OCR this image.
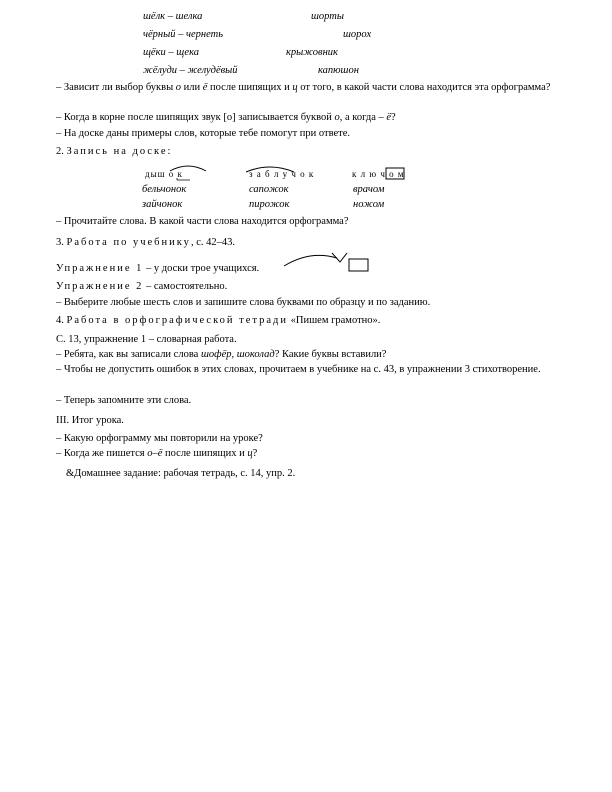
шёлк – шелка	шорты
чёрный – чернеть	шорох
щёки – щека	крыжовник
жёлуди – желудёвый	капюшон

– Зависит ли выбор буквы о или ё после шипящих и ц от того, в какой части слова находится эта орфограмма?

– Когда в корне после шипящих звук [о] записывается буквой о, а когда – ё?

– На доске даны примеры слов, которые тебе помогут при ответе.

2. Запись на доске:

дыш о к	з а б л у ч о к	к л ю ч о м
бельчонок	сапожок	врачом
зайчонок	пирожок	ножом

– Прочитайте слова. В какой части слова находится орфограмма?

3. Работа по учебнику, с. 42–43.

Упражнение 1 – у доски трое учащихся.

Упражнение 2 – самостоятельно.

– Выберите любые шесть слов и запишите слова буквами по образцу и по заданию.

4. Работа в орфографической тетради «Пишем грамотно».

С. 13, упражнение 1 – словарная работа.

– Ребята, как вы записали слова шофёр, шоколад? Какие буквы вставили?

– Чтобы не допустить ошибок в этих словах, прочитаем в учебнике на с. 43, в упражнении 3 стихотворение.

– Теперь запомните эти слова.

III. Итог урока.

– Какую орфограмму мы повторили на уроке?

– Когда же пишется о–ё после шипящих и ц?

&Домашнее задание: рабочая тетрадь, с. 14, упр. 2.
